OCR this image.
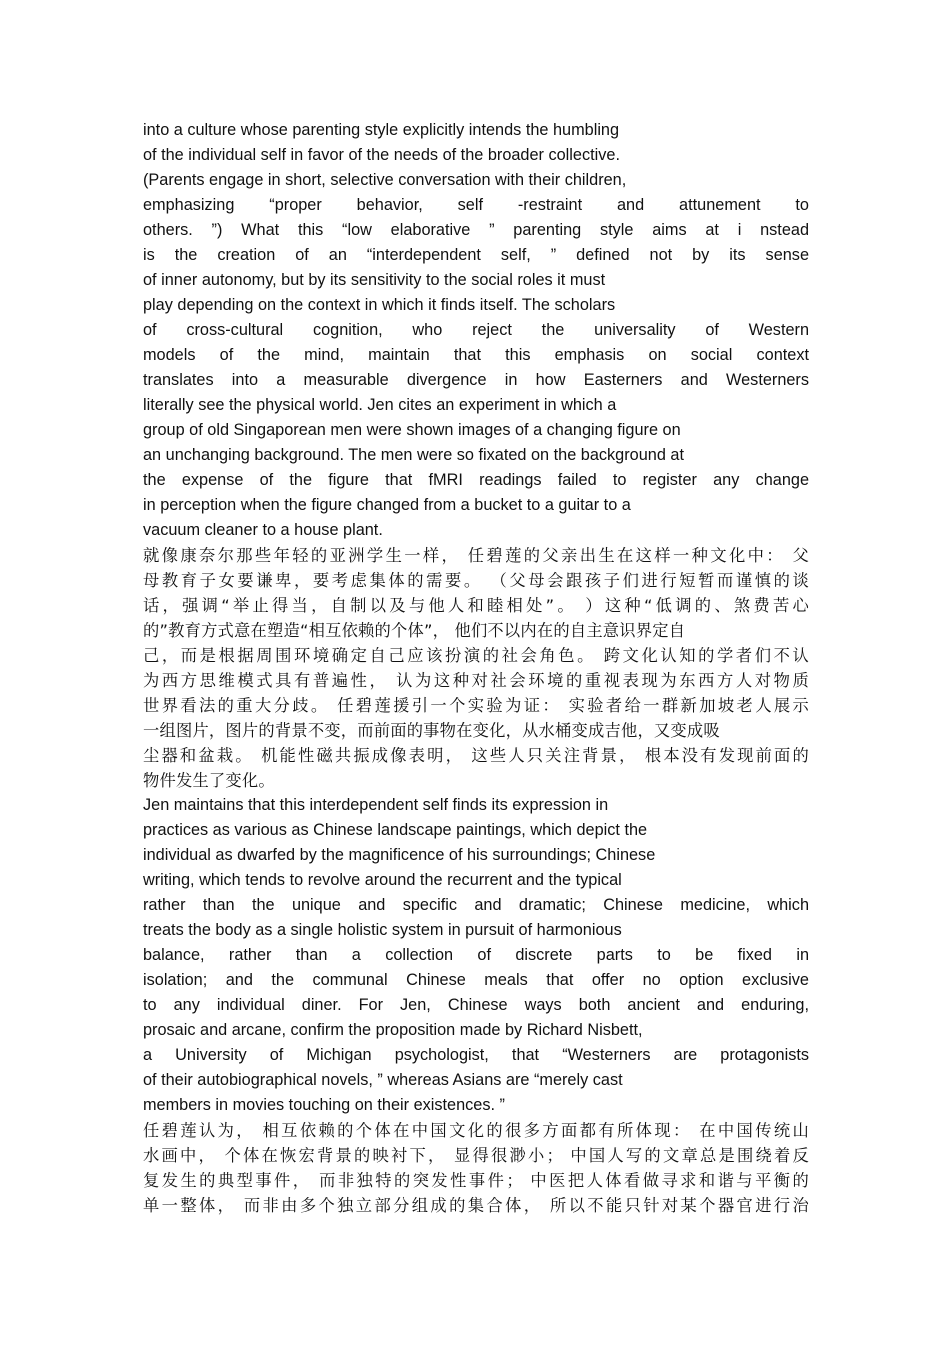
into a culture whose parenting style explicitly intends the humbling
of the individual self in favor of the needs of the broader collective.
(Parents engage in short, selective conversation with their children,
emphasizing “proper behavior, self -restraint and attunement to
others. ”) What this “low elaborative ” parenting style aims at i nstead
is the creation of an “interdependent self, ” defined not by its sense
of inner autonomy, but by its sensitivity to the social roles it must
play depending on the context in which it finds itself. The scholars
of cross-cultural cognition, who reject the universality of Western
models of the mind, maintain that this emphasis on social context
translates into a measurable divergence in how Easterners and Westerners
literally see the physical world. Jen cites an experiment in which a
group of old Singaporean men were shown images of a changing figure on
an unchanging background. The men were so fixated on the background at
the expense of the figure that fMRI readings failed to register any change
in perception when the figure changed from a bucket to a guitar to a
vacuum cleaner to a house plant.
就像康奈尔那些年轻的亚洲学生一样， 任碧莲的父亲出生在这样一种文化中： 父
母教育子女要谦卑，要考虑集体的需要。 （父母会跟孩子们进行短暂而谨慎的谈
话，强调“举止得当，自制以及与他人和睦相处”。 ）这种“低调的、煞费苦心
的”教育方式意在塑造“相互依赖的个体”， 他们不以内在的自主意识界定自
己，而是根据周围环境确定自己应该扮演的社会角色。 跨文化认知的学者们不认
为西方思维模式具有普遍性， 认为这种对社会环境的重视表现为东西方人对物质
世界看法的重大分歧。 任碧莲援引一个实验为证： 实验者给一群新加坡老人展示
一组图片，图片的背景不变，而前面的事物在变化，从水桶变成吉他，又变成吸
尘器和盆栽。 机能性磁共振成像表明， 这些人只关注背景， 根本没有发现前面的
物件发生了变化。
Jen maintains that this interdependent self finds its expression in
practices as various as Chinese landscape paintings, which depict the
individual as dwarfed by the magnificence of his surroundings; Chinese
writing, which tends to revolve around the recurrent and the typical
rather than the unique and specific and dramatic; Chinese medicine, which
treats the body as a single holistic system in pursuit of harmonious
balance, rather than a collection of discrete parts to be fixed in
isolation; and the communal Chinese meals that offer no option exclusive
to any individual diner. For Jen, Chinese ways both ancient and enduring,
prosaic and arcane, confirm the proposition made by Richard Nisbett,
a University of Michigan psychologist, that “Westerners are protagonists
of their autobiographical novels, ” whereas Asians are “merely cast
members in movies touching on their existences. ”
任碧莲认为， 相互依赖的个体在中国文化的很多方面都有所体现： 在中国传统山
水画中， 个体在恢宏背景的映衬下， 显得很渺小； 中国人写的文章总是围绕着反
复发生的典型事件， 而非独特的突发性事件； 中医把人体看做寻求和谐与平衡的
单一整体， 而非由多个独立部分组成的集合体， 所以不能只针对某个器官进行治
